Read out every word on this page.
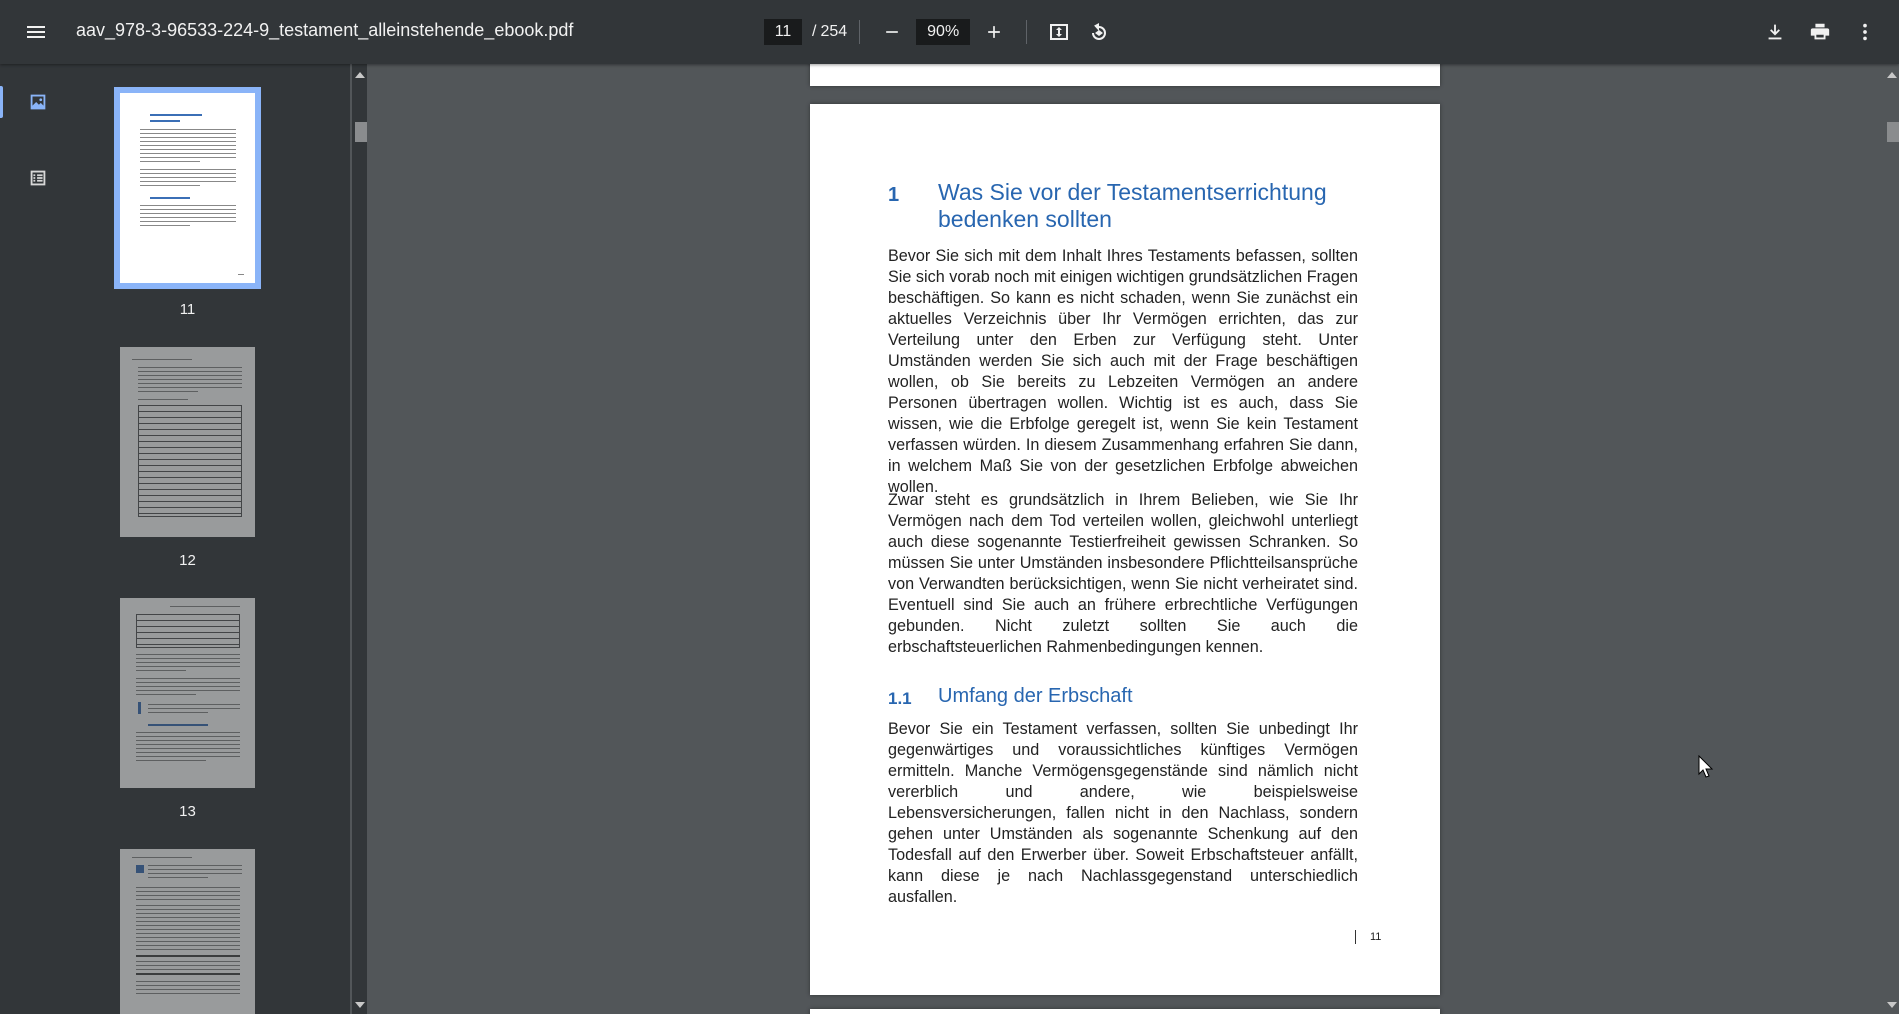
aav_978-3-96533-224-9_testament_alleinstehende_ebook.pdf	11	/ 254	90%
11
12
13
1 Was Sie vor der Testamentserrichtung bedenken sollten
Bevor Sie sich mit dem Inhalt Ihres Testaments befassen, sollten Sie sich vorab noch mit einigen wichtigen grundsätzlichen Fragen beschäftigen. So kann es nicht schaden, wenn Sie zunächst ein aktuelles Verzeichnis über Ihr Vermögen errichten, das zur Verteilung unter den Erben zur Verfügung steht. Unter Umständen werden Sie sich auch mit der Frage beschäftigen wollen, ob Sie bereits zu Lebzeiten Vermögen an andere Personen übertragen wollen. Wichtig ist es auch, dass Sie wissen, wie die Erbfolge geregelt ist, wenn Sie kein Testament verfassen würden. In diesem Zusammenhang erfahren Sie dann, in welchem Maß Sie von der gesetzlichen Erbfolge abweichen wollen.
Zwar steht es grundsätzlich in Ihrem Belieben, wie Sie Ihr Vermögen nach dem Tod verteilen wollen, gleichwohl unterliegt auch diese sogenannte Testierfreiheit gewissen Schranken. So müssen Sie unter Umständen insbesondere Pflichtteilsansprüche von Verwandten berücksichtigen, wenn Sie nicht verheiratet sind. Eventuell sind Sie auch an frühere erbrechtliche Verfügungen gebunden. Nicht zuletzt sollten Sie auch die erbschaftsteuerlichen Rahmenbedingungen kennen.
1.1 Umfang der Erbschaft
Bevor Sie ein Testament verfassen, sollten Sie unbedingt Ihr gegenwärtiges und voraussichtliches künftiges Vermögen ermitteln. Manche Vermögensgegenstände sind nämlich nicht vererblich und andere, wie beispielsweise Lebensversicherungen, fallen nicht in den Nachlass, sondern gehen unter Umständen als sogenannte Schenkung auf den Todesfall auf den Erwerber über. Soweit Erbschaftsteuer anfällt, kann diese je nach Nachlassgegenstand unterschiedlich ausfallen.
11
